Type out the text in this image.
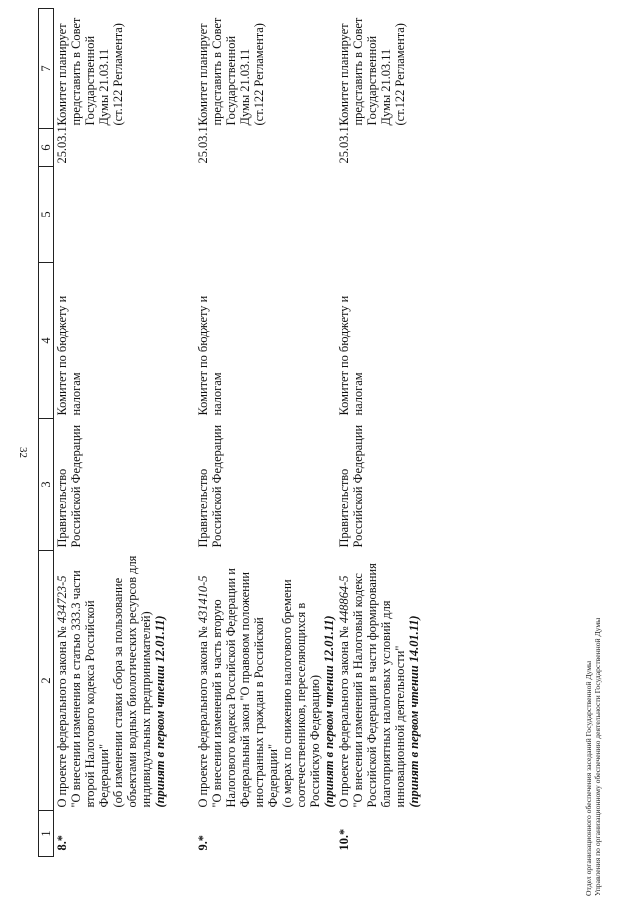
32
1	2	3	4	5	6	7
8.*	О проекте федерального закона № 434723-5 "О внесении изменения в статью 333.3 части второй Налогового кодекса Российской Федерации" (об изменении ставки сбора за пользование объектами водных биологических ресурсов для индивидуальных предпринимателей) (принят в первом чтении 12.01.11)	Правительство Российской Федерации	Комитет по бюджету и налогам		25.03.11	Комитет планирует представить в Совет Государственной Думы 21.03.11 (ст.122 Регламента)
9.*	О проекте федерального закона № 431410-5 "О внесении изменений в часть вторую Налогового кодекса Российской Федерации и Федеральный закон "О правовом положении иностранных граждан в Российской Федерации" (о мерах по снижению налогового бремени соотечественников, переселяющихся в Российскую Федерацию) (принят в первом чтении 12.01.11)	Правительство Российской Федерации	Комитет по бюджету и налогам		25.03.11	Комитет планирует представить в Совет Государственной Думы 21.03.11 (ст.122 Регламента)
10.*	О проекте федерального закона № 448864-5 "О внесении изменений в Налоговый кодекс Российской Федерации в части формирования благоприятных налоговых условий для инновационной деятельности" (принят в первом чтении 14.01.11)	Правительство Российской Федерации	Комитет по бюджету и налогам		25.03.11	Комитет планирует представить в Совет Государственной Думы 21.03.11 (ст.122 Регламента)
Отдел организационного обеспечения заседаний Государственной Думы Управления по организационному обеспечению деятельности Государственной Думы
